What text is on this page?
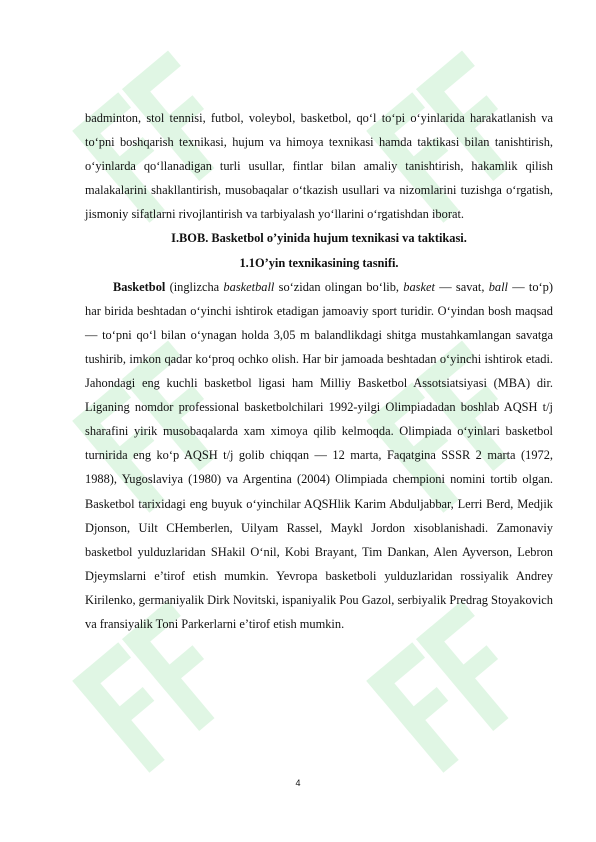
badminton, stol tennisi, futbol, voleybol, basketbol, qo‘l to‘pi o‘yinlarida harakatlanish va to‘pni boshqarish texnikasi, hujum va himoya texnikasi hamda taktikasi bilan tanishtirish, o‘yinlarda qo‘llanadigan turli usullar, fintlar bilan amaliy tanishtirish, hakamlik qilish malakalarini shakllantirish, musobaqalar o‘tkazish usullari va nizomlarini tuzishga o‘rgatish, jismoniy sifatlarni rivojlantirish va tarbiyalash yo‘llarini o‘rgatishdan iborat.

I.BOB. Basketbol o’yinida hujum texnikasi va taktikasi.

1.1O’yin texnikasining tasnifi.

Basketbol (inglizcha basketball so‘zidan olingan bo‘lib, basket — savat, ball — to‘p) har birida beshtadan o‘yinchi ishtirok etadigan jamoaviy sport turidir. O‘yindan bosh maqsad — to‘pni qo‘l bilan o‘ynagan holda 3,05 m balandlikdagi shitga mustahkamlangan savatga tushirib, imkon qadar ko‘proq ochko olish. Har bir jamoada beshtadan o‘yinchi ishtirok etadi. Jahondagi eng kuchli basketbol ligasi ham Milliy Basketbol Assotsiatsiyasi (MBA) dir. Liganing nomdor professional basketbolchilari 1992-yilgi Olimpiadadan boshlab AQSH t/j sharafini yirik musobaqalarda xam ximoya qilib kelmoqda. Olimpiada o‘yinlari basketbol turnirida eng ko‘p AQSH t/j golib chiqqan — 12 marta, Faqatgina SSSR 2 marta (1972, 1988), Yugoslaviya (1980) va Argentina (2004) Olimpiada chempioni nomini tortib olgan. Basketbol tarixidagi eng buyuk o‘yinchilar AQSHlik Karim Abduljabbar, Lerri Berd, Medjik Djonson, Uilt CHemberlen, Uilyam Rassel, Maykl Jordon xisoblanishadi. Zamonaviy basketbol yulduzlaridan SHakil O‘nil, Kobi Brayant, Tim Dankan, Alen Ayverson, Lebron Djeymslarni e’tirof etish mumkin. Yevropa basketboli yulduzlaridan rossiyalik Andrey Kirilenko, germaniyalik Dirk Novitski, ispaniyalik Pou Gazol, serbiyalik Predrag Stoyakovich va fransiyalik Toni Parkerlarni e’tirof etish mumkin.

4
